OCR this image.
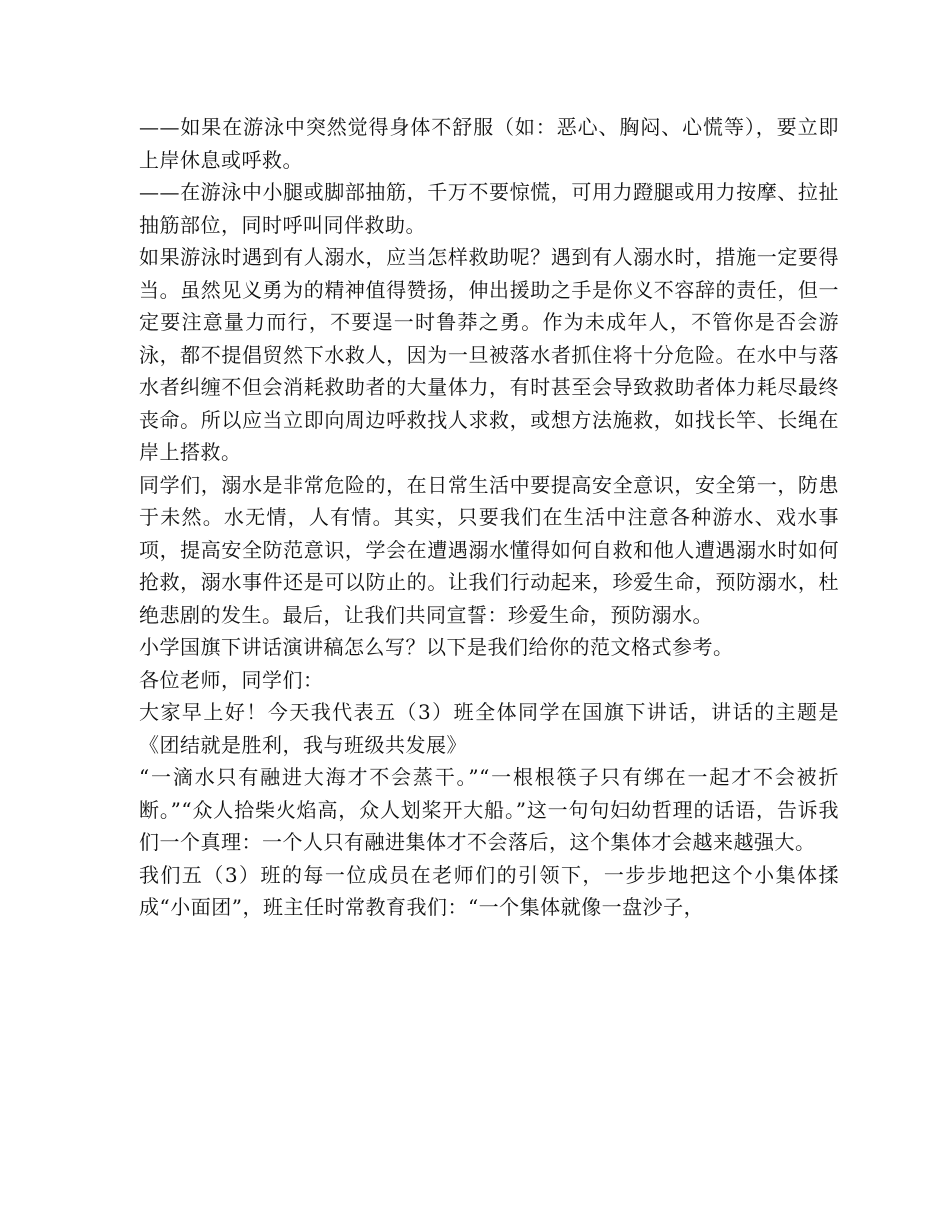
——如果在游泳中突然觉得身体不舒服（如：恶心、胸闷、心慌等），要立即上岸休息或呼救。

——在游泳中小腿或脚部抽筋，千万不要惊慌，可用力蹬腿或用力按摩、拉扯抽筋部位，同时呼叫同伴救助。

如果游泳时遇到有人溺水，应当怎样救助呢？遇到有人溺水时，措施一定要得当。虽然见义勇为的精神值得赞扬，伸出援助之手是你义不容辞的责任，但一定要注意量力而行，不要逞一时鲁莽之勇。作为未成年人，不管你是否会游泳，都不提倡贸然下水救人，因为一旦被落水者抓住将十分危险。在水中与落水者纠缠不但会消耗救助者的大量体力，有时甚至会导致救助者体力耗尽最终丧命。所以应当立即向周边呼救找人求救，或想方法施救，如找长竿、长绳在岸上搭救。

同学们，溺水是非常危险的，在日常生活中要提高安全意识，安全第一，防患于未然。水无情，人有情。其实，只要我们在生活中注意各种游水、戏水事项，提高安全防范意识，学会在遭遇溺水懂得如何自救和他人遭遇溺水时如何抢救，溺水事件还是可以防止的。让我们行动起来，珍爱生命，预防溺水，杜绝悲剧的发生。最后，让我们共同宣誓：珍爱生命，预防溺水。

小学国旗下讲话演讲稿怎么写？以下是我们给你的范文格式参考。

各位老师，同学们：

大家早上好！今天我代表五（3）班全体同学在国旗下讲话，讲话的主题是《团结就是胜利，我与班级共发展》

“一滴水只有融进大海才不会蒸干。”“一根根筷子只有绑在一起才不会被折断。”“众人拾柴火焰高，众人划桨开大船。”这一句句妇幼哲理的话语，告诉我们一个真理：一个人只有融进集体才不会落后，这个集体才会越来越强大。

我们五（3）班的每一位成员在老师们的引领下，一步步地把这个小集体揉成“小面团”，班主任时常教育我们：“一个集体就像一盘沙子，
